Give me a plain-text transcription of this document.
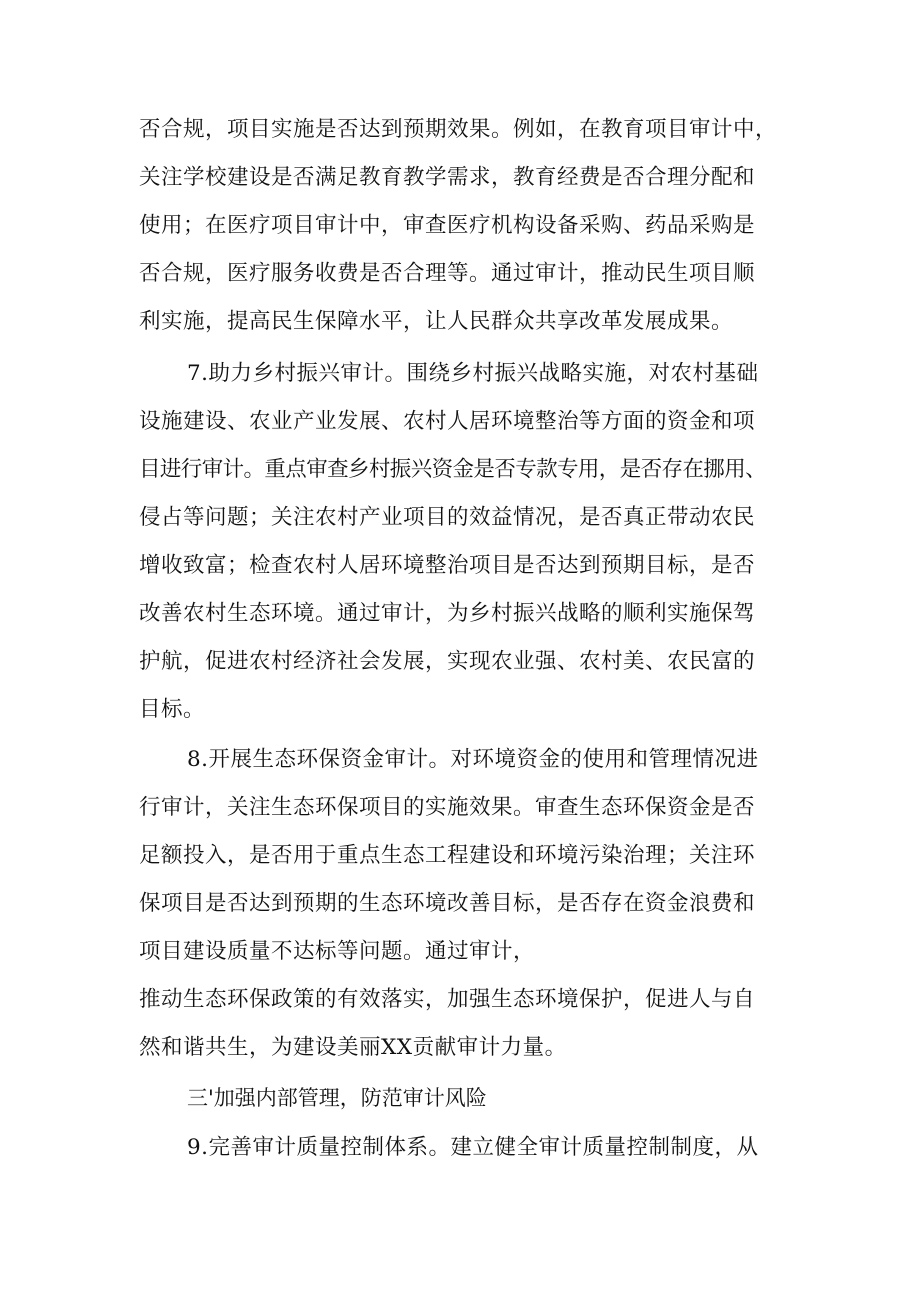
否合规，项目实施是否达到预期效果。例如，在教育项目审计中，
关注学校建设是否满足教育教学需求，教育经费是否合理分配和
使用；在医疗项目审计中，审查医疗机构设备采购、药品采购是
否合规，医疗服务收费是否合理等。通过审计，推动民生项目顺
利实施，提高民生保障水平，让人民群众共享改革发展成果。
7.助力乡村振兴审计。围绕乡村振兴战略实施，对农村基础
设施建设、农业产业发展、农村人居环境整治等方面的资金和项
目进行审计。重点审查乡村振兴资金是否专款专用，是否存在挪用、
侵占等问题；关注农村产业项目的效益情况，是否真正带动农民
增收致富；检查农村人居环境整治项目是否达到预期目标，是否
改善农村生态环境。通过审计，为乡村振兴战略的顺利实施保驾
护航，促进农村经济社会发展，实现农业强、农村美、农民富的
目标。
8.开展生态环保资金审计。对环境资金的使用和管理情况进
行审计，关注生态环保项目的实施效果。审查生态环保资金是否
足额投入，是否用于重点生态工程建设和环境污染治理；关注环
保项目是否达到预期的生态环境改善目标，是否存在资金浪费和
项目建设质量不达标等问题。通过审计，
推动生态环保政策的有效落实，加强生态环境保护，促进人与自
然和谐共生，为建设美丽XX贡献审计力量。
三'加强内部管理，防范审计风险
9.完善审计质量控制体系。建立健全审计质量控制制度，从
